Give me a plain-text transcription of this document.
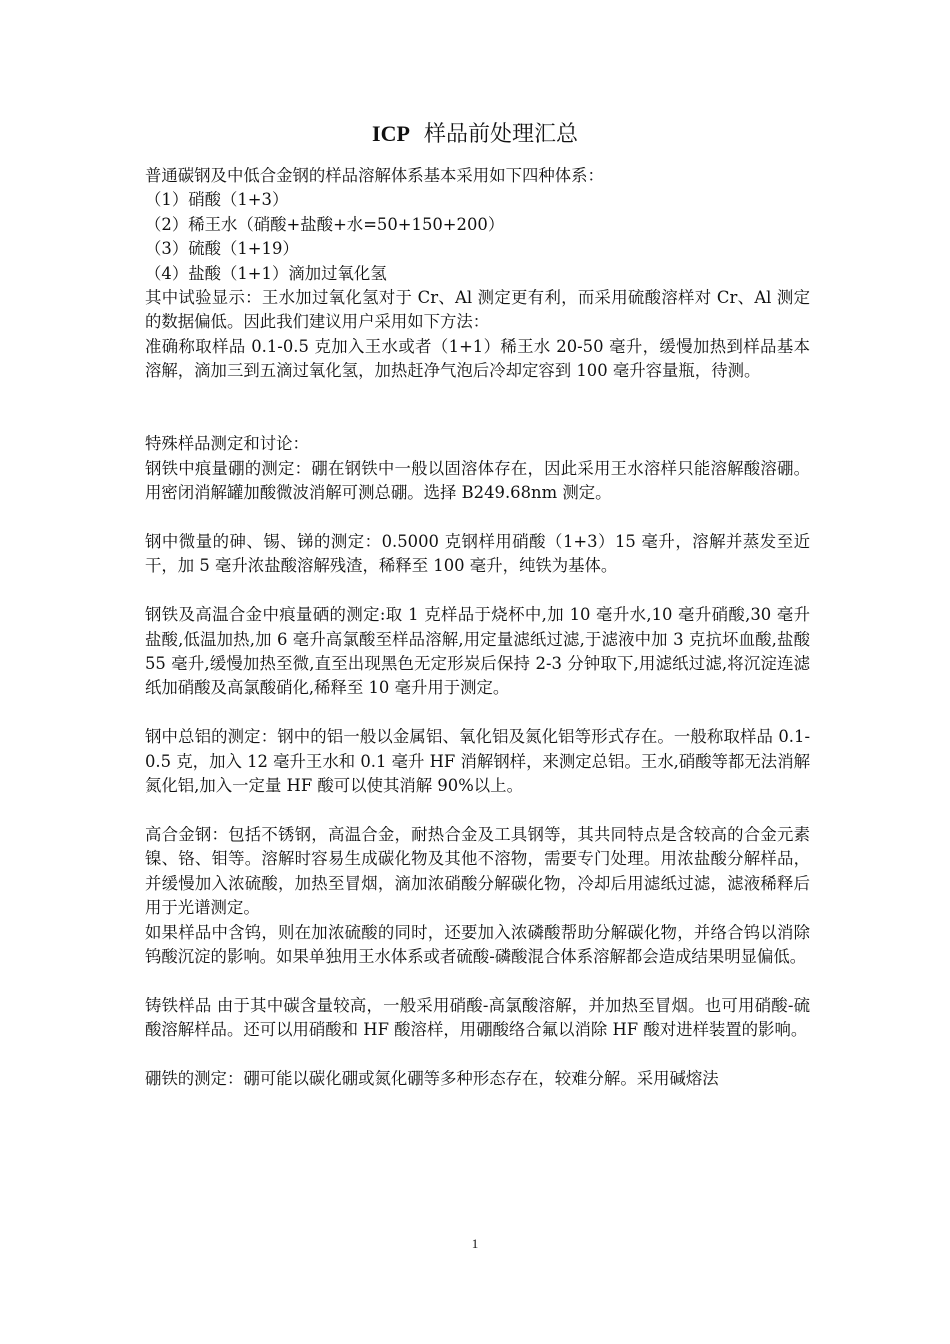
ICP 样品前处理汇总

普通碳钢及中低合金钢的样品溶解体系基本采用如下四种体系：

（1）硝酸（1+3）

（2）稀王水（硝酸+盐酸+水=50+150+200）

（3）硫酸（1+19）

（4）盐酸（1+1）滴加过氧化氢

其中试验显示：王水加过氧化氢对于 Cr、Al 测定更有利，而采用硫酸溶样对 Cr、Al 测定的数据偏低。因此我们建议用户采用如下方法：

准确称取样品 0.1-0.5 克加入王水或者（1+1）稀王水 20-50 毫升，缓慢加热到样品基本溶解，滴加三到五滴过氧化氢，加热赶净气泡后冷却定容到 100 毫升容量瓶，待测。

特殊样品测定和讨论：

钢铁中痕量硼的测定：硼在钢铁中一般以固溶体存在，因此采用王水溶样只能溶解酸溶硼。用密闭消解罐加酸微波消解可测总硼。选择 B249.68nm 测定。

钢中微量的砷、锡、锑的测定：0.5000 克钢样用硝酸（1+3）15 毫升，溶解并蒸发至近干，加 5 毫升浓盐酸溶解残渣，稀释至 100 毫升，纯铁为基体。

钢铁及高温合金中痕量硒的测定:取 1 克样品于烧杯中,加 10 毫升水,10 毫升硝酸,30 毫升盐酸,低温加热,加 6 毫升高氯酸至样品溶解,用定量滤纸过滤,于滤液中加 3 克抗坏血酸,盐酸 55 毫升,缓慢加热至微,直至出现黑色无定形炭后保持 2-3 分钟取下,用滤纸过滤,将沉淀连滤纸加硝酸及高氯酸硝化,稀释至 10 毫升用于测定。

钢中总铝的测定：钢中的铝一般以金属铝、氧化铝及氮化铝等形式存在。一般称取样品 0.1-0.5 克，加入 12 毫升王水和 0.1 毫升 HF 消解钢样，来测定总铝。王水,硝酸等都无法消解氮化铝,加入一定量 HF 酸可以使其消解 90%以上。

高合金钢：包括不锈钢，高温合金，耐热合金及工具钢等，其共同特点是含较高的合金元素镍、铬、钼等。溶解时容易生成碳化物及其他不溶物，需要专门处理。用浓盐酸分解样品，并缓慢加入浓硫酸，加热至冒烟，滴加浓硝酸分解碳化物，冷却后用滤纸过滤，滤液稀释后用于光谱测定。

如果样品中含钨，则在加浓硫酸的同时，还要加入浓磷酸帮助分解碳化物，并络合钨以消除钨酸沉淀的影响。如果单独用王水体系或者硫酸-磷酸混合体系溶解都会造成结果明显偏低。

铸铁样品 由于其中碳含量较高，一般采用硝酸-高氯酸溶解，并加热至冒烟。也可用硝酸-硫酸溶解样品。还可以用硝酸和 HF 酸溶样，用硼酸络合氟以消除 HF 酸对进样装置的影响。

硼铁的测定：硼可能以碳化硼或氮化硼等多种形态存在，较难分解。采用碱熔法

1
